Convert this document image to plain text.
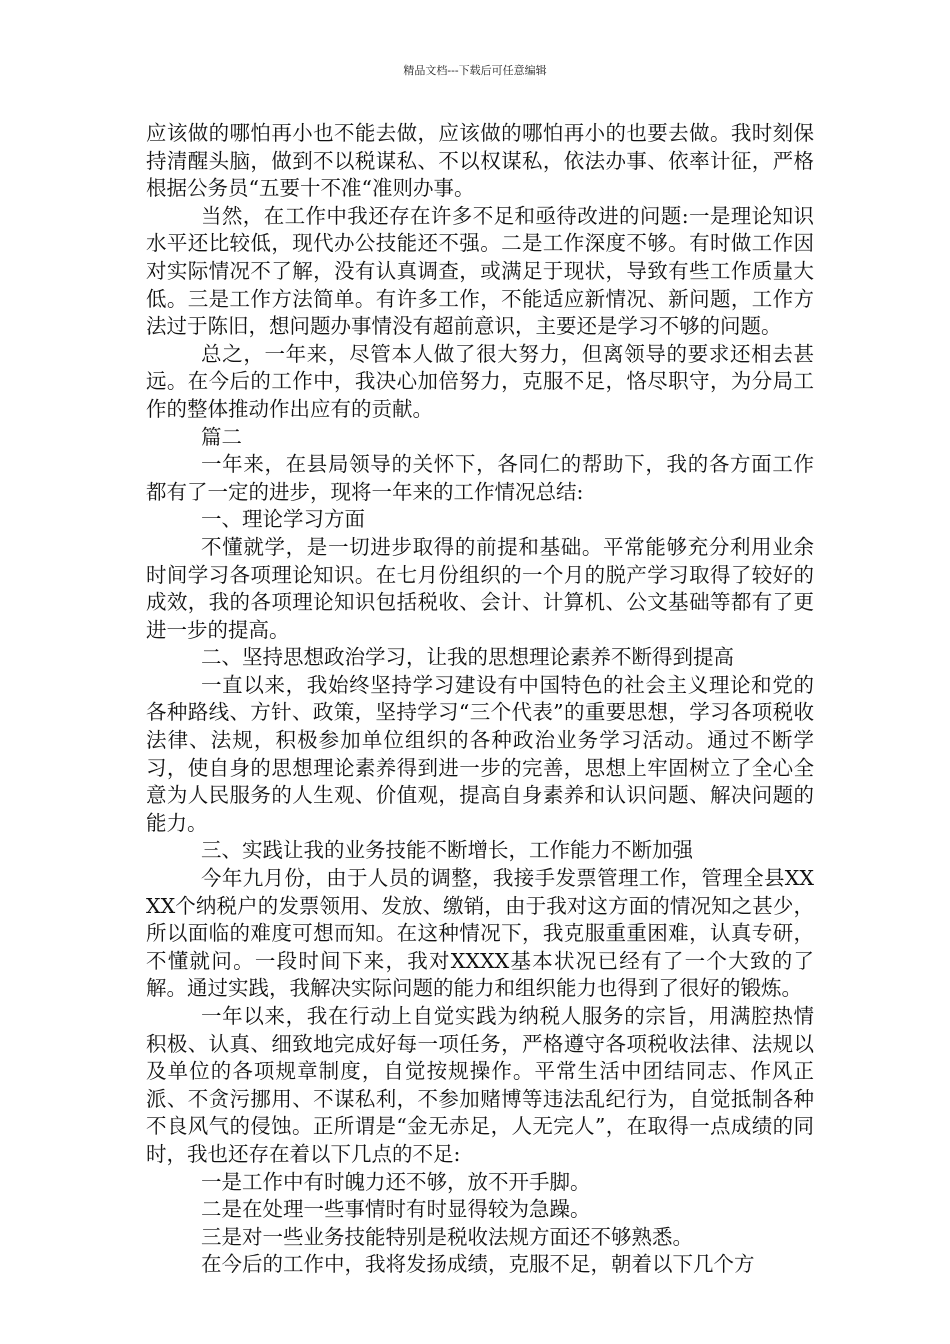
精品文档---下载后可任意编辑

应该做的哪怕再小也不能去做，应该做的哪怕再小的也要去做。我时刻保持清醒头脑，做到不以税谋私、不以权谋私，依法办事、依率计征，严格根据公务员“五要十不准“准则办事。

当然，在工作中我还存在许多不足和亟待改进的问题:一是理论知识水平还比较低，现代办公技能还不强。二是工作深度不够。有时做工作因对实际情况不了解，没有认真调查，或满足于现状，导致有些工作质量大低。三是工作方法简单。有许多工作，不能适应新情况、新问题，工作方法过于陈旧，想问题办事情没有超前意识，主要还是学习不够的问题。

总之，一年来，尽管本人做了很大努力，但离领导的要求还相去甚远。在今后的工作中，我决心加倍努力，克服不足，恪尽职守，为分局工作的整体推动作出应有的贡献。

篇二

一年来，在县局领导的关怀下，各同仁的帮助下，我的各方面工作都有了一定的进步，现将一年来的工作情况总结:

一、理论学习方面

不懂就学，是一切进步取得的前提和基础。平常能够充分利用业余时间学习各项理论知识。在七月份组织的一个月的脱产学习取得了较好的成效，我的各项理论知识包括税收、会计、计算机、公文基础等都有了更进一步的提高。

二、坚持思想政治学习，让我的思想理论素养不断得到提高

一直以来，我始终坚持学习建设有中国特色的社会主义理论和党的各种路线、方针、政策，坚持学习“三个代表”的重要思想，学习各项税收法律、法规，积极参加单位组织的各种政治业务学习活动。通过不断学习，使自身的思想理论素养得到进一步的完善，思想上牢固树立了全心全意为人民服务的人生观、价值观，提高自身素养和认识问题、解决问题的能力。

三、实践让我的业务技能不断增长，工作能力不断加强

今年九月份，由于人员的调整，我接手发票管理工作，管理全县XXXX个纳税户的发票领用、发放、缴销，由于我对这方面的情况知之甚少，所以面临的难度可想而知。在这种情况下，我克服重重困难，认真专研，不懂就问。一段时间下来，我对XXXX基本状况已经有了一个大致的了解。通过实践，我解决实际问题的能力和组织能力也得到了很好的锻炼。

一年以来，我在行动上自觉实践为纳税人服务的宗旨，用满腔热情积极、认真、细致地完成好每一项任务，严格遵守各项税收法律、法规以及单位的各项规章制度，自觉按规操作。平常生活中团结同志、作风正派、不贪污挪用、不谋私利，不参加赌博等违法乱纪行为，自觉抵制各种不良风气的侵蚀。正所谓是“金无赤足，人无完人”，在取得一点成绩的同时，我也还存在着以下几点的不足:

一是工作中有时魄力还不够，放不开手脚。

二是在处理一些事情时有时显得较为急躁。

三是对一些业务技能特别是税收法规方面还不够熟悉。

在今后的工作中，我将发扬成绩，克服不足，朝着以下几个方
